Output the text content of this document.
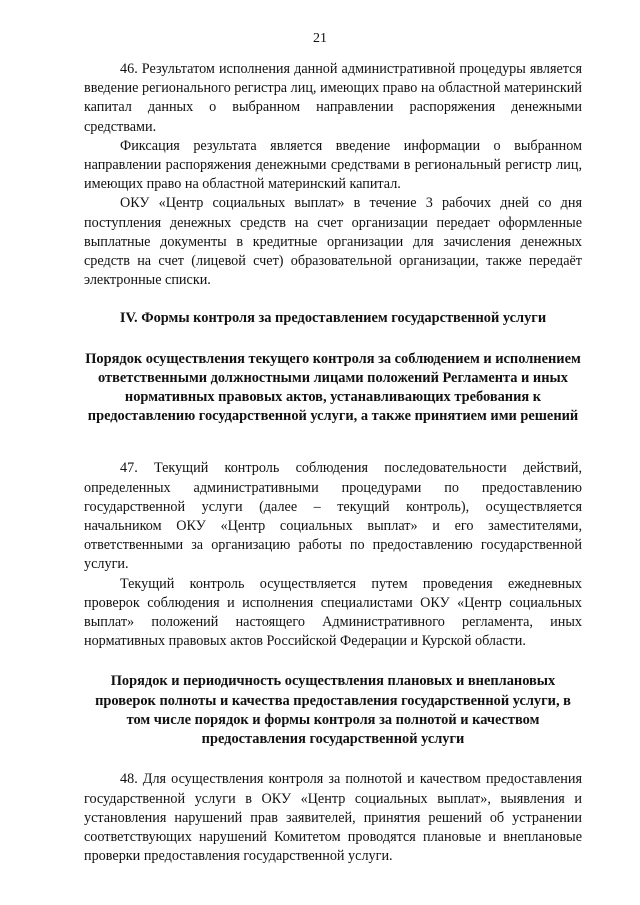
21

46. Результатом исполнения данной административной процедуры является введение регионального регистра лиц, имеющих право на областной материнский капитал данных о выбранном направлении распоряжения денежными средствами.

Фиксация результата является введение информации о выбранном направлении распоряжения денежными средствами в региональный регистр лиц, имеющих право на областной материнский капитал.

ОКУ «Центр социальных выплат» в течение 3 рабочих дней со дня поступления денежных средств на счет организации передает оформленные выплатные документы в кредитные организации для зачисления денежных средств на счет (лицевой счет) образовательной организации, также передаёт электронные списки.

IV. Формы контроля за предоставлением государственной услуги
Порядок осуществления текущего контроля за соблюдением и исполнением ответственными должностными лицами положений Регламента и иных нормативных правовых актов, устанавливающих требования к предоставлению государственной услуги, а также принятием ими решений

47. Текущий контроль соблюдения последовательности действий, определенных административными процедурами по предоставлению государственной услуги (далее – текущий контроль), осуществляется начальником ОКУ «Центр социальных выплат» и его заместителями, ответственными за организацию работы по предоставлению государственной услуги.

Текущий контроль осуществляется путем проведения ежедневных проверок соблюдения и исполнения специалистами ОКУ «Центр социальных выплат» положений настоящего Административного регламента, иных нормативных правовых актов Российской Федерации и Курской области.

Порядок и периодичность осуществления плановых и внеплановых проверок полноты и качества предоставления государственной услуги, в том числе порядок и формы контроля за полнотой и качеством предоставления государственной услуги

48. Для осуществления контроля за полнотой и качеством предоставления государственной услуги в ОКУ «Центр социальных выплат», выявления и установления нарушений прав заявителей, принятия решений об устранении соответствующих нарушений Комитетом проводятся плановые и внеплановые проверки предоставления государственной услуги.
